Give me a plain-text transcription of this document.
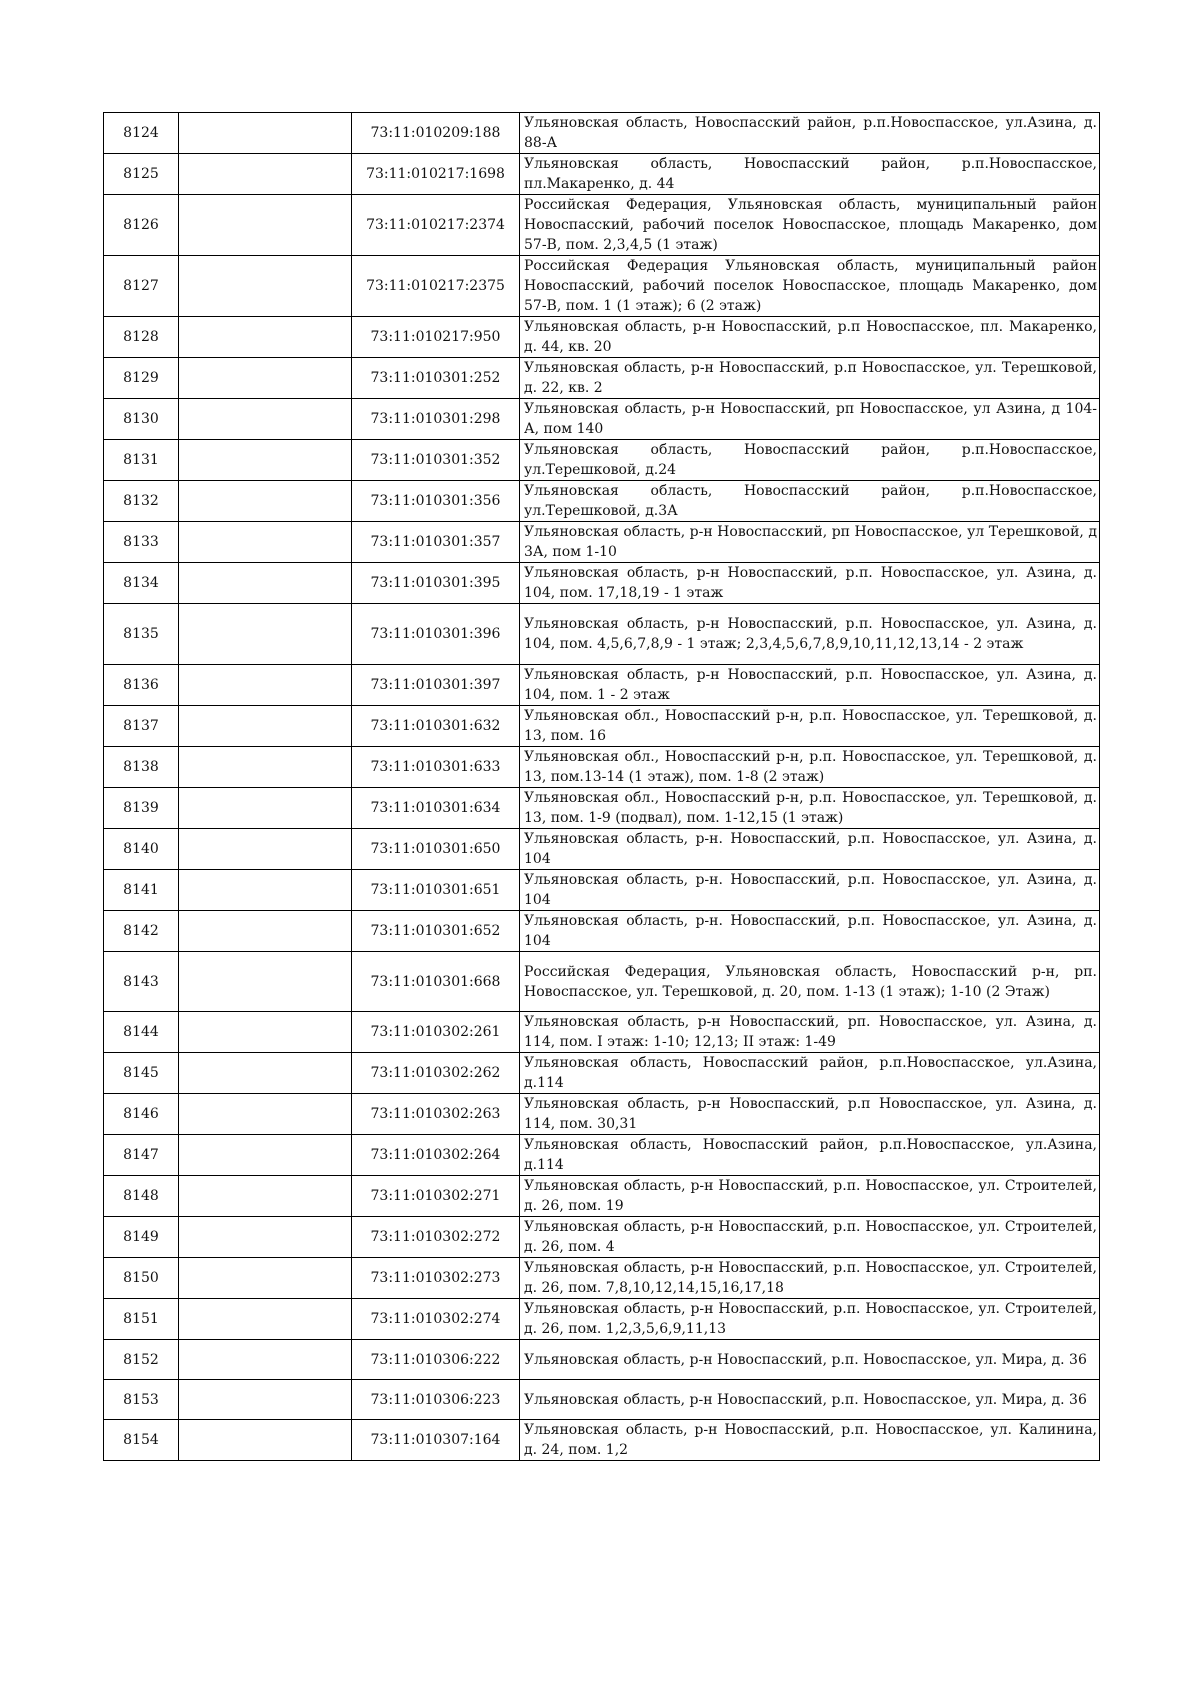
8124		73:11:010209:188	Ульяновская область, Новоспасский район, р.п.Новоспасское, ул.Азина, д. 88-А
8125		73:11:010217:1698	Ульяновская область, Новоспасский район, р.п.Новоспасское, пл.Макаренко, д. 44
8126		73:11:010217:2374	Российская Федерация, Ульяновская область, муниципальный район Новоспасский, рабочий поселок Новоспасское, площадь Макаренко, дом 57-В, пом. 2,3,4,5 (1 этаж)
8127		73:11:010217:2375	Российская Федерация Ульяновская область, муниципальный район Новоспасский, рабочий поселок Новоспасское, площадь Макаренко, дом 57-В, пом. 1 (1 этаж); 6 (2 этаж)
8128		73:11:010217:950	Ульяновская область, р-н Новоспасский, р.п Новоспасское, пл. Макаренко, д. 44, кв. 20
8129		73:11:010301:252	Ульяновская область, р-н Новоспасский, р.п Новоспасское, ул. Терешковой, д. 22, кв. 2
8130		73:11:010301:298	Ульяновская область, р-н Новоспасский, рп Новоспасское, ул Азина, д 104-А, пом 140
8131		73:11:010301:352	Ульяновская область, Новоспасский район, р.п.Новоспасское, ул.Терешковой, д.24
8132		73:11:010301:356	Ульяновская область, Новоспасский район, р.п.Новоспасское, ул.Терешковой, д.3А
8133		73:11:010301:357	Ульяновская область, р-н Новоспасский, рп Новоспасское, ул Терешковой, д 3А, пом 1-10
8134		73:11:010301:395	Ульяновская область, р-н Новоспасский, р.п. Новоспасское, ул. Азина, д. 104, пом. 17,18,19 - 1 этаж
8135		73:11:010301:396	Ульяновская область, р-н Новоспасский, р.п. Новоспасское, ул. Азина, д. 104, пом. 4,5,6,7,8,9 - 1 этаж; 2,3,4,5,6,7,8,9,10,11,12,13,14 - 2 этаж
8136		73:11:010301:397	Ульяновская область, р-н Новоспасский, р.п. Новоспасское, ул. Азина, д. 104, пом. 1 - 2 этаж
8137		73:11:010301:632	Ульяновская обл., Новоспасский р-н, р.п. Новоспасское, ул. Терешковой, д. 13, пом. 16
8138		73:11:010301:633	Ульяновская обл., Новоспасский р-н, р.п. Новоспасское, ул. Терешковой, д. 13, пом.13-14 (1 этаж), пом. 1-8 (2 этаж)
8139		73:11:010301:634	Ульяновская обл., Новоспасский р-н, р.п. Новоспасское, ул. Терешковой, д. 13, пом. 1-9 (подвал), пом. 1-12,15 (1 этаж)
8140		73:11:010301:650	Ульяновская область, р-н. Новоспасский, р.п. Новоспасское, ул. Азина, д. 104
8141		73:11:010301:651	Ульяновская область, р-н. Новоспасский, р.п. Новоспасское, ул. Азина, д. 104
8142		73:11:010301:652	Ульяновская область, р-н. Новоспасский, р.п. Новоспасское, ул. Азина, д. 104
8143		73:11:010301:668	Российская Федерация, Ульяновская область, Новоспасский р-н, рп. Новоспасское, ул. Терешковой, д. 20, пом. 1-13 (1 этаж); 1-10 (2 Этаж)
8144		73:11:010302:261	Ульяновская область, р-н Новоспасский, рп. Новоспасское, ул. Азина, д. 114, пом. I этаж: 1-10; 12,13; II этаж: 1-49
8145		73:11:010302:262	Ульяновская область, Новоспасский район, р.п.Новоспасское, ул.Азина, д.114
8146		73:11:010302:263	Ульяновская область, р-н Новоспасский, р.п Новоспасское, ул. Азина, д. 114, пом. 30,31
8147		73:11:010302:264	Ульяновская область, Новоспасский район, р.п.Новоспасское, ул.Азина, д.114
8148		73:11:010302:271	Ульяновская область, р-н Новоспасский, р.п. Новоспасское, ул. Строителей, д. 26, пом. 19
8149		73:11:010302:272	Ульяновская область, р-н Новоспасский, р.п. Новоспасское, ул. Строителей, д. 26, пом. 4
8150		73:11:010302:273	Ульяновская область, р-н Новоспасский, р.п. Новоспасское, ул. Строителей, д. 26, пом. 7,8,10,12,14,15,16,17,18
8151		73:11:010302:274	Ульяновская область, р-н Новоспасский, р.п. Новоспасское, ул. Строителей, д. 26, пом. 1,2,3,5,6,9,11,13
8152		73:11:010306:222	Ульяновская область, р-н Новоспасский, р.п. Новоспасское, ул. Мира, д. 36
8153		73:11:010306:223	Ульяновская область, р-н Новоспасский, р.п. Новоспасское, ул. Мира, д. 36
8154		73:11:010307:164	Ульяновская область, р-н Новоспасский, р.п. Новоспасское, ул. Калинина, д. 24, пом. 1,2
